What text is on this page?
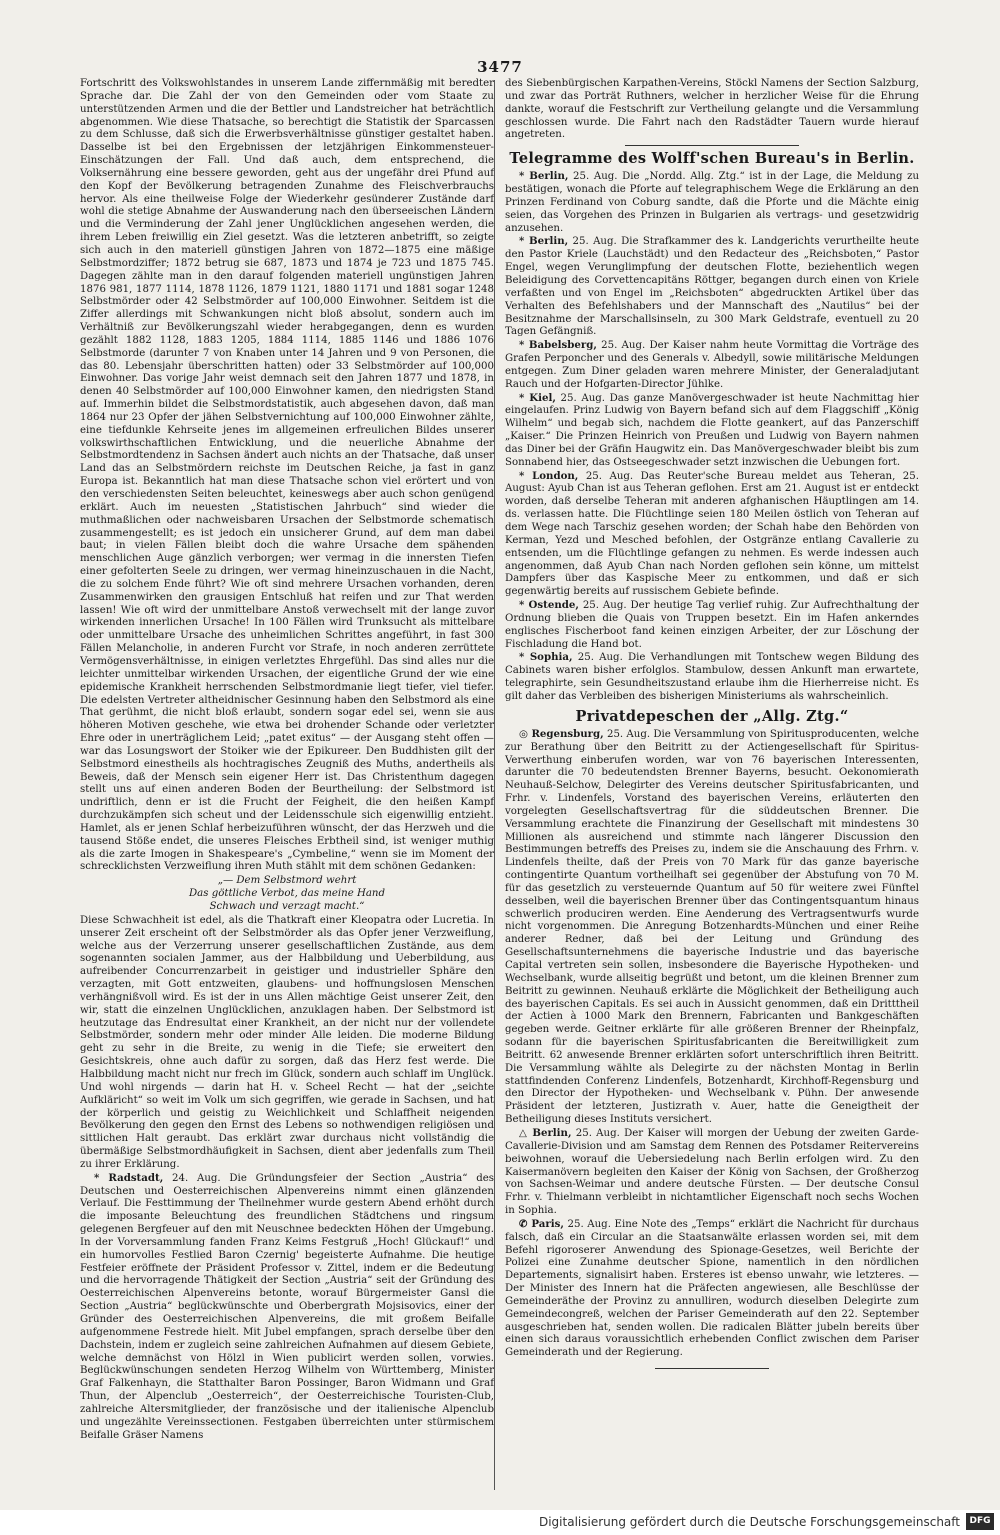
3477

Fortschritt des Volkswohlstandes in unserem Lande ziffernmäßig mit beredter Sprache dar. Die Zahl der von den Gemeinden oder vom Staate zu unterstützenden Armen und die der Bettler und Landstreicher hat beträchtlich abgenommen. Wie diese Thatsache, so berechtigt die Statistik der Sparcassen zu dem Schlusse, daß sich die Erwerbsverhältnisse günstiger gestaltet haben. Dasselbe ist bei den Ergebnissen der letzjährigen Einkommensteuer-Einschätzungen der Fall. Und daß auch, dem entsprechend, die Volksernährung eine bessere geworden, geht aus der ungefähr drei Pfund auf den Kopf der Bevölkerung betragenden Zunahme des Fleischverbrauchs hervor. Als eine theilweise Folge der Wiederkehr gesünderer Zustände darf wohl die stetige Abnahme der Auswanderung nach den überseeischen Ländern und die Verminderung der Zahl jener Unglücklichen angesehen werden, die ihrem Leben freiwillig ein Ziel gesetzt. Was die letzteren anbetrifft, so zeigte sich auch in den materiell günstigen Jahren von 1872—1875 eine mäßige Selbstmordziffer; 1872 betrug sie 687, 1873 und 1874 je 723 und 1875 745. Dagegen zählte man in den darauf folgenden materiell ungünstigen Jahren 1876 981, 1877 1114, 1878 1126, 1879 1121, 1880 1171 und 1881 sogar 1248 Selbstmörder oder 42 Selbstmörder auf 100,000 Einwohner. Seitdem ist die Ziffer allerdings mit Schwankungen nicht bloß absolut, sondern auch im Verhältniß zur Bevölkerungszahl wieder herabgegangen, denn es wurden gezählt 1882 1128, 1883 1205, 1884 1114, 1885 1146 und 1886 1076 Selbstmorde (darunter 7 von Knaben unter 14 Jahren und 9 von Personen, die das 80. Lebensjahr überschritten hatten) oder 33 Selbstmörder auf 100,000 Einwohner. Das vorige Jahr weist demnach seit den Jahren 1877 und 1878, in denen 40 Selbstmörder auf 100,000 Einwohner kamen, den niedrigsten Stand auf. Immerhin bildet die Selbstmordstatistik, auch abgesehen davon, daß man 1864 nur 23 Opfer der jähen Selbstvernichtung auf 100,000 Einwohner zählte, eine tiefdunkle Kehrseite jenes im allgemeinen erfreulichen Bildes unserer volkswirthschaftlichen Entwicklung, und die neuerliche Abnahme der Selbstmordtendenz in Sachsen ändert auch nichts an der Thatsache, daß unser Land das an Selbstmördern reichste im Deutschen Reiche, ja fast in ganz Europa ist. Bekanntlich hat man diese Thatsache schon viel erörtert und von den verschiedensten Seiten beleuchtet, keineswegs aber auch schon genügend erklärt. Auch im neuesten „Statistischen Jahrbuch“ sind wieder die muthmaßlichen oder nachweisbaren Ursachen der Selbstmorde schematisch zusammengestellt; es ist jedoch ein unsicherer Grund, auf dem man dabei baut; in vielen Fällen bleibt doch die wahre Ursache dem spähenden menschlichen Auge gänzlich verborgen; wer vermag in die innersten Tiefen einer gefolterten Seele zu dringen, wer vermag hineinzuschauen in die Nacht, die zu solchem Ende führt? Wie oft sind mehrere Ursachen vorhanden, deren Zusammenwirken den grausigen Entschluß hat reifen und zur That werden lassen! Wie oft wird der unmittelbare Anstoß verwechselt mit der lange zuvor wirkenden innerlichen Ursache! In 100 Fällen wird Trunksucht als mittelbare oder unmittelbare Ursache des unheimlichen Schrittes angeführt, in fast 300 Fällen Melancholie, in anderen Furcht vor Strafe, in noch anderen zerrüttete Vermögensverhältnisse, in einigen verletztes Ehrgefühl. Das sind alles nur die leichter unmittelbar wirkenden Ursachen, der eigentliche Grund der wie eine epidemische Krankheit herrschenden Selbstmordmanie liegt tiefer, viel tiefer. Die edelsten Vertreter altheidnischer Gesinnung haben den Selbstmord als eine That gerühmt, die nicht bloß erlaubt, sondern sogar edel sei, wenn sie aus höheren Motiven geschehe, wie etwa bei drohender Schande oder verletzter Ehre oder in unerträglichem Leid; „patet exitus“ — der Ausgang steht offen — war das Losungswort der Stoiker wie der Epikureer. Den Buddhisten gilt der Selbstmord einestheils als hochtragisches Zeugniß des Muths, andertheils als Beweis, daß der Mensch sein eigener Herr ist. Das Christenthum dagegen stellt uns auf einen anderen Boden der Beurtheilung: der Selbstmord ist undriftlich, denn er ist die Frucht der Feigheit, die den heißen Kampf durchzukämpfen sich scheut und der Leidensschule sich eigenwillig entzieht. Hamlet, als er jenen Schlaf herbeizuführen wünscht, der das Herzweh und die tausend Stöße endet, die unseres Fleisches Erbtheil sind, ist weniger muthig als die zarte Imogen in Shakespeare's „Cymbeline,“ wenn sie im Moment der schrecklichsten Verzweiflung ihren Muth stählt mit dem schönen Gedanken:

„— Dem Selbstmord wehrt
Das göttliche Verbot, das meine Hand
Schwach und verzagt macht.“

Diese Schwachheit ist edel, als die Thatkraft einer Kleopatra oder Lucretia. In unserer Zeit erscheint oft der Selbstmörder als das Opfer jener Verzweiflung, welche aus der Verzerrung unserer gesellschaftlichen Zustände, aus dem sogenannten socialen Jammer, aus der Halbbildung und Ueberbildung, aus aufreibender Concurrenzarbeit in geistiger und industrieller Sphäre den verzagten, mit Gott entzweiten, glaubens- und hoffnungslosen Menschen verhängnißvoll wird. Es ist der in uns Allen mächtige Geist unserer Zeit, den wir, statt die einzelnen Unglücklichen, anzuklagen haben. Der Selbstmord ist heutzutage das Endresultat einer Krankheit, an der nicht nur der vollendete Selbstmörder, sondern mehr oder minder Alle leiden. Die moderne Bildung geht zu sehr in die Breite, zu wenig in die Tiefe; sie erweitert den Gesichtskreis, ohne auch dafür zu sorgen, daß das Herz fest werde. Die Halbbildung macht nicht nur frech im Glück, sondern auch schlaff im Unglück. Und wohl nirgends — darin hat H. v. Scheel Recht — hat der „seichte Aufkläricht“ so weit im Volk um sich gegriffen, wie gerade in Sachsen, und hat der körperlich und geistig zu Weichlichkeit und Schlaffheit neigenden Bevölkerung den gegen den Ernst des Lebens so nothwendigen religiösen und sittlichen Halt geraubt. Das erklärt zwar durchaus nicht vollständig die übermäßige Selbstmordhäufigkeit in Sachsen, dient aber jedenfalls zum Theil zu ihrer Erklärung.

* Radstadt, 24. Aug. Die Gründungsfeier der Section „Austria“ des Deutschen und Oesterreichischen Alpenvereins nimmt einen glänzenden Verlauf. Die Festtimmung der Theilnehmer wurde gestern Abend erhöht durch die imposante Beleuchtung des freundlichen Städtchens und ringsum gelegenen Bergfeuer auf den mit Neuschnee bedeckten Höhen der Umgebung. In der Vorversammlung fanden Franz Keims Festgruß „Hoch! Glückauf!“ und ein humorvolles Festlied Baron Czernig' begeisterte Aufnahme. Die heutige Festfeier eröffnete der Präsident Professor v. Zittel, indem er die Bedeutung und die hervorragende Thätigkeit der Section „Austria“ seit der Gründung des Oesterreichischen Alpenvereins betonte, worauf Bürgermeister Gansl die Section „Austria“ beglückwünschte und Oberbergrath Mojsisovics, einer der Gründer des Oesterreichischen Alpenvereins, die mit großem Beifalle aufgenommene Festrede hielt. Mit Jubel empfangen, sprach derselbe über den Dachstein, indem er zugleich seine zahlreichen Aufnahmen auf diesem Gebiete, welche demnächst von Hölzl in Wien publicirt werden sollen, vorwies. Beglückwünschungen sendeten Herzog Wilhelm von Württemberg, Minister Graf Falkenhayn, die Statthalter Baron Possinger, Baron Widmann und Graf Thun, der Alpenclub „Oesterreich“, der Oesterreichische Touristen-Club, zahlreiche Altersmitglieder, der französische und der italienische Alpenclub und ungezählte Vereinssectionen. Festgaben überreichten unter stürmischem Beifalle Gräser Namens

des Siebenbürgischen Karpathen-Vereins, Stöckl Namens der Section Salzburg, und zwar das Porträt Ruthners, welcher in herzlicher Weise für die Ehrung dankte, worauf die Festschrift zur Vertheilung gelangte und die Versammlung geschlossen wurde. Die Fahrt nach den Radstädter Tauern wurde hierauf angetreten.

Telegramme des Wolff'schen Bureau's in Berlin.

* Berlin, 25. Aug. Die „Nordd. Allg. Ztg.“ ist in der Lage, die Meldung zu bestätigen, wonach die Pforte auf telegraphischem Wege die Erklärung an den Prinzen Ferdinand von Coburg sandte, daß die Pforte und die Mächte einig seien, das Vorgehen des Prinzen in Bulgarien als vertrags- und gesetzwidrig anzusehen.

* Berlin, 25. Aug. Die Strafkammer des k. Landgerichts verurtheilte heute den Pastor Kriele (Lauchstädt) und den Redacteur des „Reichsboten,“ Pastor Engel, wegen Verunglimpfung der deutschen Flotte, beziehentlich wegen Beleidigung des Corvettencapitäns Röttger, begangen durch einen von Kriele verfaßten und von Engel im „Reichsboten“ abgedruckten Artikel über das Verhalten des Befehlshabers und der Mannschaft des „Nautilus“ bei der Besitznahme der Marschallsinseln, zu 300 Mark Geldstrafe, eventuell zu 20 Tagen Gefängniß.

* Babelsberg, 25. Aug. Der Kaiser nahm heute Vormittag die Vorträge des Grafen Perponcher und des Generals v. Albedyll, sowie militärische Meldungen entgegen. Zum Diner geladen waren mehrere Minister, der Generaladjutant Rauch und der Hofgarten-Director Jühlke.

* Kiel, 25. Aug. Das ganze Manövergeschwader ist heute Nachmittag hier eingelaufen. Prinz Ludwig von Bayern befand sich auf dem Flaggschiff „König Wilhelm“ und begab sich, nachdem die Flotte geankert, auf das Panzerschiff „Kaiser.“ Die Prinzen Heinrich von Preußen und Ludwig von Bayern nahmen das Diner bei der Gräfin Haugwitz ein. Das Manövergeschwader bleibt bis zum Sonnabend hier, das Ostseegeschwader setzt inzwischen die Uebungen fort.

* London, 25. Aug. Das Reuter'sche Bureau meldet aus Teheran, 25. August: Ayub Chan ist aus Teheran geflohen. Erst am 21. August ist er entdeckt worden, daß derselbe Teheran mit anderen afghanischen Häuptlingen am 14. ds. verlassen hatte. Die Flüchtlinge seien 180 Meilen östlich von Teheran auf dem Wege nach Tarschiz gesehen worden; der Schah habe den Behörden von Kerman, Yezd und Mesched befohlen, der Ostgränze entlang Cavallerie zu entsenden, um die Flüchtlinge gefangen zu nehmen. Es werde indessen auch angenommen, daß Ayub Chan nach Norden geflohen sein könne, um mittelst Dampfers über das Kaspische Meer zu entkommen, und daß er sich gegenwärtig bereits auf russischem Gebiete befinde.

* Ostende, 25. Aug. Der heutige Tag verlief ruhig. Zur Aufrechthaltung der Ordnung blieben die Quais von Truppen besetzt. Ein im Hafen ankerndes englisches Fischerboot fand keinen einzigen Arbeiter, der zur Löschung der Fischladung die Hand bot.

* Sophia, 25. Aug. Die Verhandlungen mit Tontschew wegen Bildung des Cabinets waren bisher erfolglos. Stambulow, dessen Ankunft man erwartete, telegraphirte, sein Gesundheitszustand erlaube ihm die Hierherreise nicht. Es gilt daher das Verbleiben des bisherigen Ministeriums als wahrscheinlich.

Privatdepeschen der „Allg. Ztg.“

◎ Regensburg, 25. Aug. Die Versammlung von Spiritusproducenten, welche zur Berathung über den Beitritt zu der Actiengesellschaft für Spiritus-Verwerthung einberufen worden, war von 76 bayerischen Interessenten, darunter die 70 bedeutendsten Brenner Bayerns, besucht. Oekonomierath Neuhauß-Selchow, Delegirter des Vereins deutscher Spiritusfabricanten, und Frhr. v. Lindenfels, Vorstand des bayerischen Vereins, erläuterten den vorgelegten Gesellschaftsvertrag für die süddeutschen Brenner. Die Versammlung erachtete die Finanzirung der Gesellschaft mit mindestens 30 Millionen als ausreichend und stimmte nach längerer Discussion den Bestimmungen betreffs des Preises zu, indem sie die Anschauung des Frhrn. v. Lindenfels theilte, daß der Preis von 70 Mark für das ganze bayerische contingentirte Quantum vortheilhaft sei gegenüber der Abstufung von 70 M. für das gesetzlich zu versteuernde Quantum auf 50 für weitere zwei Fünftel desselben, weil die bayerischen Brenner über das Contingentsquantum hinaus schwerlich produciren werden. Eine Aenderung des Vertragsentwurfs wurde nicht vorgenommen. Die Anregung Botzenhardts-München und einer Reihe anderer Redner, daß bei der Leitung und Gründung des Gesellschaftsunternehmens die bayerische Industrie und das bayerische Capital vertreten sein sollen, insbesondere die Bayerische Hypotheken- und Wechselbank, wurde allseitig begrüßt und betont, um die kleinen Brenner zum Beitritt zu gewinnen. Neuhauß erklärte die Möglichkeit der Betheiligung auch des bayerischen Capitals. Es sei auch in Aussicht genommen, daß ein Dritttheil der Actien à 1000 Mark den Brennern, Fabricanten und Bankgeschäften gegeben werde. Geitner erklärte für alle größeren Brenner der Rheinpfalz, sodann für die bayerischen Spiritusfabricanten die Bereitwilligkeit zum Beitritt. 62 anwesende Brenner erklärten sofort unterschriftlich ihren Beitritt. Die Versammlung wählte als Delegirte zu der nächsten Montag in Berlin stattfindenden Conferenz Lindenfels, Botzenhardt, Kirchhoff-Regensburg und den Director der Hypotheken- und Wechselbank v. Pühn. Der anwesende Präsident der letzteren, Justizrath v. Auer, hatte die Geneigtheit der Betheiligung dieses Instituts versichert.

△ Berlin, 25. Aug. Der Kaiser will morgen der Uebung der zweiten Garde-Cavallerie-Division und am Samstag dem Rennen des Potsdamer Reitervereins beiwohnen, worauf die Uebersiedelung nach Berlin erfolgen wird. Zu den Kaisermanövern begleiten den Kaiser der König von Sachsen, der Großherzog von Sachsen-Weimar und andere deutsche Fürsten. — Der deutsche Consul Frhr. v. Thielmann verbleibt in nichtamtlicher Eigenschaft noch sechs Wochen in Sophia.

✆ Paris, 25. Aug. Eine Note des „Temps“ erklärt die Nachricht für durchaus falsch, daß ein Circular an die Staatsanwälte erlassen worden sei, mit dem Befehl rigoroserer Anwendung des Spionage-Gesetzes, weil Berichte der Polizei eine Zunahme deutscher Spione, namentlich in den nördlichen Departements, signalisirt haben. Ersteres ist ebenso unwahr, wie letzteres. — Der Minister des Innern hat die Präfecten angewiesen, alle Beschlüsse der Gemeinderäthe der Provinz zu annulliren, wodurch dieselben Delegirte zum Gemeindecongreß, welchen der Pariser Gemeinderath auf den 22. September ausgeschrieben hat, senden wollen. Die radicalen Blätter jubeln bereits über einen sich daraus voraussichtlich erhebenden Conflict zwischen dem Pariser Gemeinderath und der Regierung.

Digitalisierung gefördert durch die Deutsche Forschungsgemeinschaft	DFG
